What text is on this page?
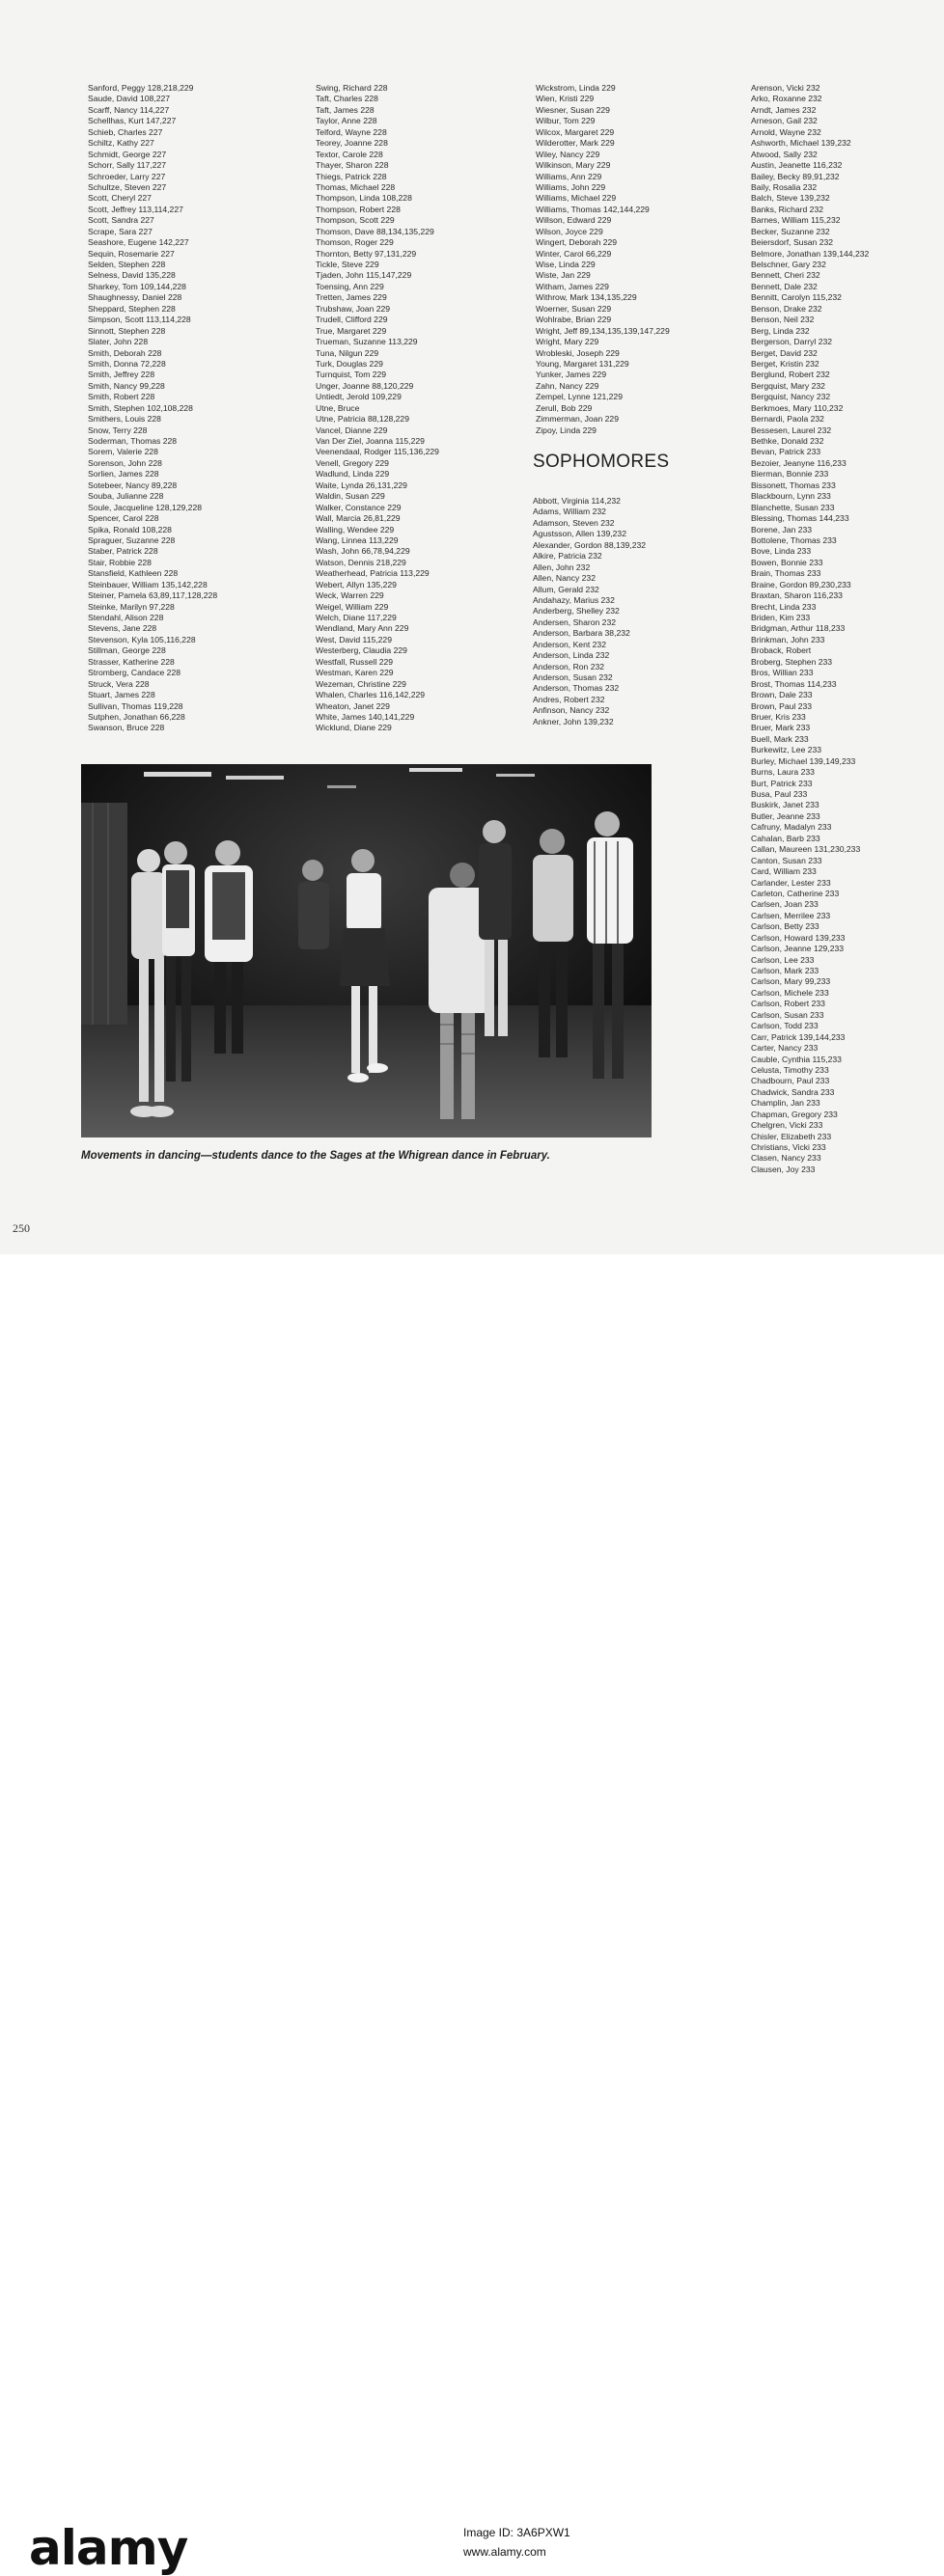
Sanford, Peggy 128,218,229
Saude, David 108,227
Scarff, Nancy 114,227
Schellhas, Kurt 147,227
Schieb, Charles 227
Schiltz, Kathy 227
Schmidt, George 227
Schorr, Sally 117,227
Schroeder, Larry 227
Schultze, Steven 227
Scott, Cheryl 227
Scott, Jeffrey 113,114,227
Scott, Sandra 227
Scrape, Sara 227
Seashore, Eugene 142,227
Sequin, Rosemarie 227
Selden, Stephen 228
Selness, David 135,228
Sharkey, Tom 109,144,228
Shaughnessy, Daniel 228
Sheppard, Stephen 228
Simpson, Scott 113,114,228
Sinnott, Stephen 228
Slater, John 228
Smith, Deborah 228
Smith, Donna 72,228
Smith, Jeffrey 228
Smith, Nancy 99,228
Smith, Robert 228
Smith, Stephen 102,108,228
Smithers, Louis 228
Snow, Terry 228
Soderman, Thomas 228
Sorem, Valerie 228
Sorenson, John 228
Sorlien, James 228
Sotebeer, Nancy 89,228
Souba, Julianne 228
Soule, Jacqueline 128,129,228
Spencer, Carol 228
Spika, Ronald 108,228
Spraguer, Suzanne 228
Staber, Patrick 228
Stair, Robbie 228
Stansfield, Kathleen 228
Steinbauer, William 135,142,228
Steiner, Pamela 63,89,117,128,228
Steinke, Marilyn 97,228
Stendahl, Alison 228
Stevens, Jane 228
Stevenson, Kyla 105,116,228
Stillman, George 228
Strasser, Katherine 228
Stromberg, Candace 228
Struck, Vera 228
Stuart, James 228
Sullivan, Thomas 119,228
Sutphen, Jonathan 66,228
Swanson, Bruce 228
Swing, Richard 228
Taft, Charles 228
Taft, James 228
Taylor, Anne 228
Telford, Wayne 228
Teorey, Joanne 228
Textor, Carole 228
Thayer, Sharon 228
Thiegs, Patrick 228
Thomas, Michael 228
Thompson, Linda 108,228
Thompson, Robert 228
Thompson, Scott 229
Thomson, Dave 88,134,135,229
Thomson, Roger 229
Thornton, Betty 97,131,229
Tickle, Steve 229
Tjaden, John 115,147,229
Toensing, Ann 229
Tretten, James 229
Trubshaw, Joan 229
Trudell, Clifford 229
True, Margaret 229
Trueman, Suzanne 113,229
Tuna, Nilgun 229
Turk, Douglas 229
Turnquist, Tom 229
Unger, Joanne 88,120,229
Untiedt, Jerold 109,229
Utne, Bruce
Utne, Patricia 88,128,229
Vancel, Dianne 229
Van Der Ziel, Joanna 115,229
Veenendaal, Rodger 115,136,229
Venell, Gregory 229
Wadlund, Linda 229
Waite, Lynda 26,131,229
Waldin, Susan 229
Walker, Constance 229
Wall, Marcia 26,81,229
Walling, Wendee 229
Wang, Linnea 113,229
Wash, John 66,78,94,229
Watson, Dennis 218,229
Weatherhead, Patricia 113,229
Webert, Allyn 135,229
Weck, Warren 229
Weigel, William 229
Welch, Diane 117,229
Wendland, Mary Ann 229
West, David 115,229
Westerberg, Claudia 229
Westfall, Russell 229
Westman, Karen 229
Wezeman, Christine 229
Whalen, Charles 116,142,229
Wheaton, Janet 229
White, James 140,141,229
Wicklund, Diane 229
Wickstrom, Linda 229
Wien, Kristi 229
Wiesner, Susan 229
Wilbur, Tom 229
Wilcox, Margaret 229
Wilderotter, Mark 229
Wiley, Nancy 229
Wilkinson, Mary 229
Williams, Ann 229
Williams, John 229
Williams, Michael 229
Williams, Thomas 142,144,229
Willson, Edward 229
Wilson, Joyce 229
Wingert, Deborah 229
Winter, Carol 66,229
Wise, Linda 229
Wiste, Jan 229
Witham, James 229
Withrow, Mark 134,135,229
Woerner, Susan 229
Wohlrabe, Brian 229
Wright, Jeff 89,134,135,139,147,229
Wright, Mary 229
Wrobleski, Joseph 229
Young, Margaret 131,229
Yunker, James 229
Zahn, Nancy 229
Zempel, Lynne 121,229
Zerull, Bob 229
Zimmerman, Joan 229
Zipoy, Linda 229
SOPHOMORES
Abbott, Virginia 114,232
Adams, William 232
Adamson, Steven 232
Agustsson, Allen 139,232
Alexander, Gordon 88,139,232
Alkire, Patricia 232
Allen, John 232
Allen, Nancy 232
Allum, Gerald 232
Andahazy, Marius 232
Anderberg, Shelley 232
Andersen, Sharon 232
Anderson, Barbara 38,232
Anderson, Kent 232
Anderson, Linda 232
Anderson, Ron 232
Anderson, Susan 232
Anderson, Thomas 232
Andres, Robert 232
Anfinson, Nancy 232
Ankner, John 139,232
Arenson, Vicki 232
Arko, Roxanne 232
Arndt, James 232
Arneson, Gail 232
Arnold, Wayne 232
Ashworth, Michael 139,232
Atwood, Sally 232
Austin, Jeanette 116,232
Bailey, Becky 89,91,232
Baily, Rosalia 232
Balch, Steve 139,232
Banks, Richard 232
Barnes, William 115,232
Becker, Suzanne 232
Beiersdorf, Susan 232
Belmore, Jonathan 139,144,232
Belschner, Gary 232
Bennett, Cheri 232
Bennett, Dale 232
Bennitt, Carolyn 115,232
Benson, Drake 232
Benson, Neil 232
Berg, Linda 232
Bergerson, Darryl 232
Berget, David 232
Berget, Kristin 232
Berglund, Robert 232
Bergquist, Mary 232
Bergquist, Nancy 232
Berkmoes, Mary 110,232
Bernardi, Paola 232
Bessesen, Laurel 232
Bethke, Donald 232
Bevan, Patrick 233
Bezoier, Jeanyne 116,233
Bierman, Bonnie 233
Bissonett, Thomas 233
Blackbourn, Lynn 233
Blanchette, Susan 233
Blessing, Thomas 144,233
Borene, Jan 233
Bottolene, Thomas 233
Bove, Linda 233
Bowen, Bonnie 233
Brain, Thomas 233
Braine, Gordon 89,230,233
Braxtan, Sharon 116,233
Brecht, Linda 233
Briden, Kim 233
Bridgman, Arthur 118,233
Brinkman, John 233
Broback, Robert
Broberg, Stephen 233
Bros, Willian 233
Brost, Thomas 114,233
Brown, Dale 233
Brown, Paul 233
Bruer, Kris 233
Bruer, Mark 233
Buell, Mark 233
Burkewitz, Lee 233
Burley, Michael 139,149,233
Burns, Laura 233
Burt, Patrick 233
Busa, Paul 233
Buskirk, Janet 233
Butler, Jeanne 233
Cafruny, Madalyn 233
Cahalan, Barb 233
Callan, Maureen 131,230,233
Canton, Susan 233
Card, William 233
Carlander, Lester 233
Carleton, Catherine 233
Carlsen, Joan 233
Carlsen, Merrilee 233
Carlson, Betty 233
Carlson, Howard 139,233
Carlson, Jeanne 129,233
Carlson, Lee 233
Carlson, Mark 233
Carlson, Mary 99,233
Carlson, Michele 233
Carlson, Robert 233
Carlson, Susan 233
Carlson, Todd 233
Carr, Patrick 139,144,233
Carter, Nancy 233
Cauble, Cynthia 115,233
Celusta, Timothy 233
Chadbourn, Paul 233
Chadwick, Sandra 233
Champlin, Jan 233
Chapman, Gregory 233
Chelgren, Vicki 233
Chisler, Elizabeth 233
Christians, Vicki 233
Clasen, Nancy 233
Clausen, Joy 233
Movements in dancing—students dance to the Sages at the Whigrean dance in February.
250
alamy	Image ID: 3A6PXW1
www.alamy.com
